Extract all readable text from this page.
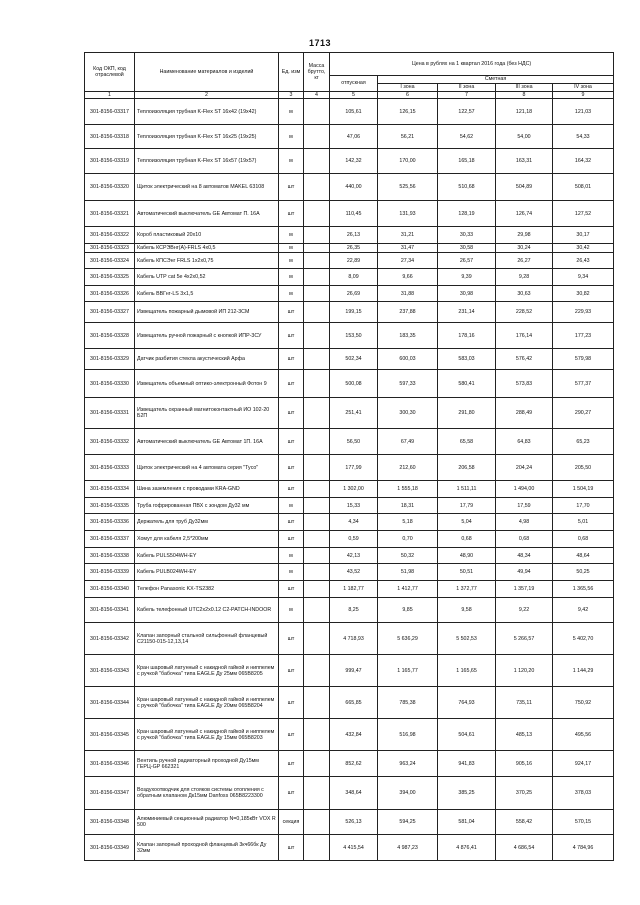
1713
Код ОКП, код отраслевой	Наименование материалов и изделий	Ед. изм	Масса брутто, кг	Цена в рублях на 1 квартал 2016 года (без НДС)				
				отпускная	Сметная			
					I зона	II зона	III зона	IV зона
1	2	3	4	5	6	7	8	9
301-8156-03317	Теплоизоляция трубная K-Flex ST 16x42 (19x42)	м		105,61	126,15	122,57	121,18	121,03
301-8156-03318	Теплоизоляция трубная K-Flex ST 16x25 (19x25)	м		47,06	56,21	54,62	54,00	54,33
301-8156-03319	Теплоизоляция трубная K-Flex ST 16x57 (19x57)	м		142,32	170,00	165,18	163,31	164,32
301-8156-03320	Щиток электрический на 8 автоматов MAKEL 63108	шт		440,00	525,56	510,68	504,89	508,01
301-8156-03321	Автоматический выключатель GE Автомат П. 16А	шт		110,45	131,93	128,19	126,74	127,52
301-8156-03322	Короб пластиковый 20x10	м		26,13	31,21	30,33	29,98	30,17
301-8156-03323	Кабель КСРЭВнг(А)-FRLS 4x0,5	м		26,35	31,47	30,58	30,24	30,42
301-8156-03324	Кабель КПСЭнг FRLS 1x2x0,75	м		22,89	27,34	26,57	26,27	26,43
301-8156-03325	Кабель UTP cat 5e 4x2x0,52	м		8,09	9,66	9,39	9,28	9,34
301-8156-03326	Кабель ВВГнг-LS 3x1,5	м		26,69	31,88	30,98	30,63	30,82
301-8156-03327	Извещатель пожарный дымовой ИП 212-3СМ	шт		199,15	237,88	231,14	228,52	229,93
301-8156-03328	Извещатель ручной пожарный с кнопкой ИПР-3СУ	шт		153,50	183,35	178,16	176,14	177,23
301-8156-03329	Датчик разбития стекла акустический Арфа	шт		502,34	600,03	583,03	576,42	579,98
301-8156-03330	Извещатель объемный оптико-электронный Фотон 9	шт		500,08	597,33	580,41	573,83	577,37
301-8156-03331	Извещатель охранный магнитоконтактный ИО 102-20 Б2П	шт		251,41	300,30	291,80	288,49	290,27
301-8156-03332	Автоматический выключатель GE Автомат 1П. 16А	шт		56,50	67,49	65,58	64,83	65,23
301-8156-03333	Щиток электрический на 4 автомата серия "Tyco"	шт		177,99	212,60	206,58	204,24	205,50
301-8156-03334	Шина заземления с проводами KRA-GND	шт		1 302,00	1 555,18	1 511,11	1 494,00	1 504,19
301-8156-03335	Труба гофрированная ПВХ с зондом Ду32 мм	м		15,33	18,31	17,79	17,59	17,70
301-8156-03336	Держатель для труб Ду32мм	шт		4,34	5,18	5,04	4,98	5,01
301-8156-03337	Хомут для кабеля 2,5*200мм	шт		0,59	0,70	0,68	0,68	0,68
301-8156-03338	Кабель PULS504WH-EY	м		42,13	50,32	48,90	48,34	48,64
301-8156-03339	Кабель PULB024WH-EY	м		43,52	51,98	50,51	49,94	50,25
301-8156-03340	Телефон Panasonic KX-TS2382	шт		1 182,77	1 412,77	1 372,77	1 357,19	1 365,56
301-8156-03341	Кабель телефонный UTC2x2x0.12 C2-PATCH-INDOOR	м		8,25	9,85	9,58	9,22	9,42
301-8156-03342	Клапан запорный стальной сильфонный фланцевый С21150-015-12,13,14	шт		4 718,93	5 636,29	5 502,53	5 266,57	5 402,70
301-8156-03343	Кран шаровый латунный с накидной гайкой и ниппелем с ручкой "бабочка" типа EAGLE Ду 25мм 065B8205	шт		999,47	1 165,77	1 165,65	1 120,20	1 144,29
301-8156-03344	Кран шаровый латунный с накидной гайкой и ниппелем с ручкой "бабочка" типа EAGLE Ду 20мм 065B8204	шт		665,85	785,38	764,93	735,11	750,92
301-8156-03345	Кран шаровый латунный с накидной гайкой и ниппелем с ручкой "бабочка" типа EAGLE Ду 15мм 065B8203	шт		432,84	516,98	504,61	485,13	495,56
301-8156-03346	Вентиль ручной радиаторный проходной Ду15мм ГЕРЦ-GP 662321	шт		852,62	963,24	941,83	905,16	924,17
301-8156-03347	Воздухоотводчик для стояков системы отопления с обратным клапаном Дк15мм Danfoss 065B8223300	шт		348,64	394,00	385,25	370,25	378,03
301-8156-03348	Алюминиевый секционный радиатор N=0,185кВт VOX R 500	секция		526,13	594,25	581,04	558,42	570,15
301-8156-03349	Клапан запорный проходной фланцевый 3кч66бк Ду 32мм	шт		4 415,54	4 987,23	4 876,41	4 686,54	4 784,96
